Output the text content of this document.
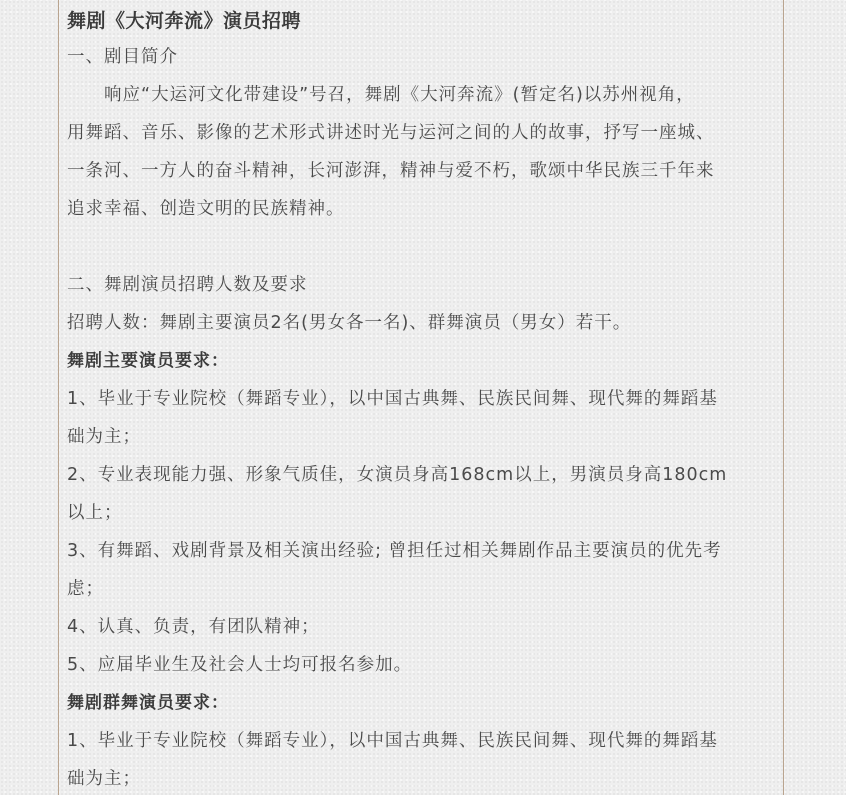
舞剧《大河奔流》演员招聘
一、剧目简介
　　响应“大运河文化带建设”号召，舞剧《大河奔流》(暂定名)以苏州视角，
用舞蹈、音乐、影像的艺术形式讲述时光与运河之间的人的故事，抒写一座城、
一条河、一方人的奋斗精神，长河澎湃，精神与爱不朽，歌颂中华民族三千年来
追求幸福、创造文明的民族精神。
二、舞剧演员招聘人数及要求
招聘人数：舞剧主要演员2名(男女各一名)、群舞演员（男女）若干。
舞剧主要演员要求：
1、毕业于专业院校（舞蹈专业），以中国古典舞、民族民间舞、现代舞的舞蹈基
础为主；
2、专业表现能力强、形象气质佳，女演员身高168cm以上，男演员身高180cm
以上；
3、有舞蹈、戏剧背景及相关演出经验; 曾担任过相关舞剧作品主要演员的优先考
虑；
4、认真、负责，有团队精神；
5、应届毕业生及社会人士均可报名参加。
舞剧群舞演员要求：
1、毕业于专业院校（舞蹈专业），以中国古典舞、民族民间舞、现代舞的舞蹈基
础为主；
